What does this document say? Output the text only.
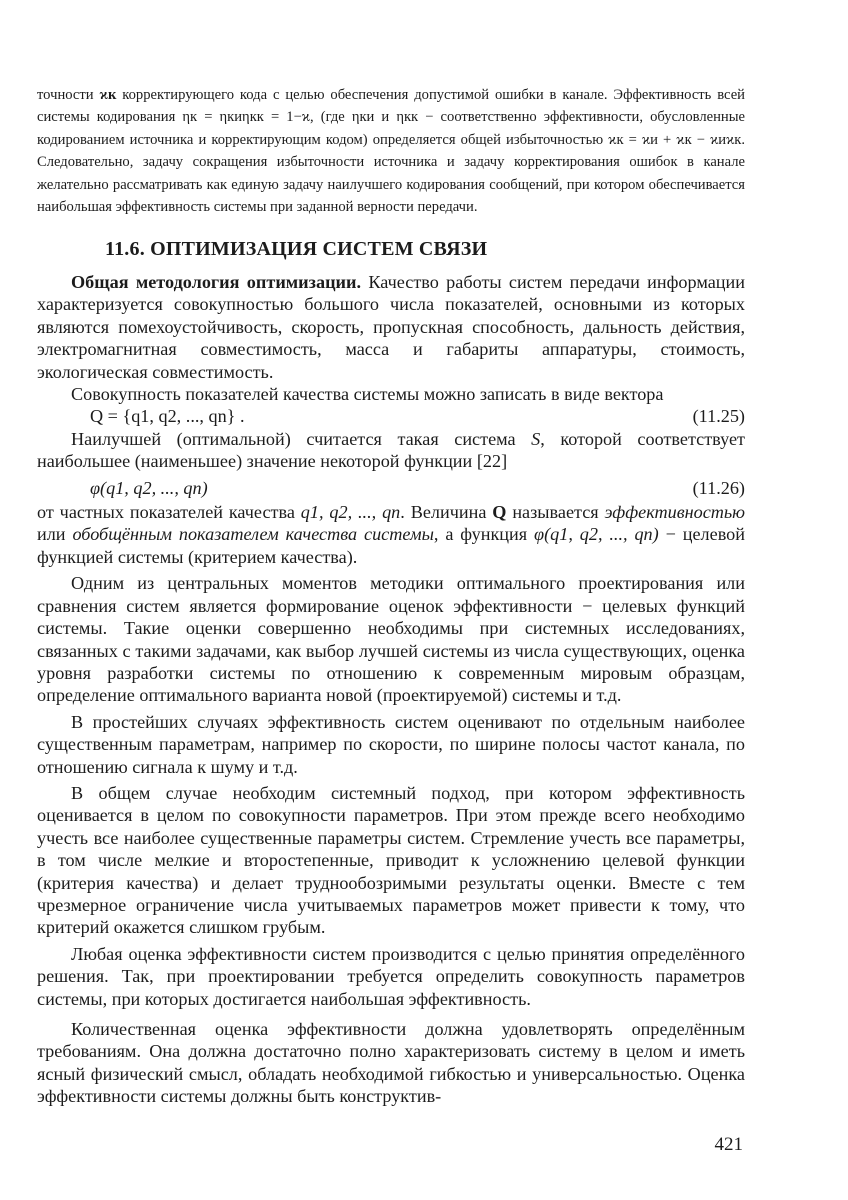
точности ϰк корректирующего кода с целью обеспечения допустимой ошибки в канале. Эффективность всей системы кодирования ηк = ηкиηкк = 1−ϰ, (где ηки и ηкк − соответственно эффективности, обусловленные кодированием источника и корректирующим кодом) определяется общей избыточностью ϰк = ϰи + ϰк − ϰиϰк. Следовательно, задачу сокращения избыточности источника и задачу корректирования ошибок в канале желательно рассматривать как единую задачу наилучшего кодирования сообщений, при котором обеспечивается наибольшая эффективность системы при заданной верности передачи.

11.6. ОПТИМИЗАЦИЯ СИСТЕМ СВЯЗИ

Общая методология оптимизации. Качество работы систем передачи информации характеризуется совокупностью большого числа показателей, основными из которых являются помехоустойчивость, скорость, пропускная способность, дальность действия, электромагнитная совместимость, масса и габариты аппаратуры, стоимость, экологическая совместимость.

Совокупность показателей качества системы можно записать в виде вектора

Q = {q1, q2, ..., qn} .	(11.25)

Наилучшей (оптимальной) считается такая система S, которой соответствует наибольшее (наименьшее) значение некоторой функции [22]

φ(q1, q2, ..., qn)	(11.26)

от частных показателей качества q1, q2, ..., qn. Величина Q называется эффективностью или обобщённым показателем качества системы, а функция φ(q1, q2, ..., qn) − целевой функцией системы (критерием качества).

Одним из центральных моментов методики оптимального проектирования или сравнения систем является формирование оценок эффективности − целевых функций системы. Такие оценки совершенно необходимы при системных исследованиях, связанных с такими задачами, как выбор лучшей системы из числа существующих, оценка уровня разработки системы по отношению к современным мировым образцам, определение оптимального варианта новой (проектируемой) системы и т.д.

В простейших случаях эффективность систем оценивают по отдельным наиболее существенным параметрам, например по скорости, по ширине полосы частот канала, по отношению сигнала к шуму и т.д.

В общем случае необходим системный подход, при котором эффективность оценивается в целом по совокупности параметров. При этом прежде всего необходимо учесть все наиболее существенные параметры систем. Стремление учесть все параметры, в том числе мелкие и второстепенные, приводит к усложнению целевой функции (критерия качества) и делает труднообозримыми результаты оценки. Вместе с тем чрезмерное ограничение числа учитываемых параметров может привести к тому, что критерий окажется слишком грубым.

Любая оценка эффективности систем производится с целью принятия определённого решения. Так, при проектировании требуется определить совокупность параметров системы, при которых достигается наибольшая эффективность.

Количественная оценка эффективности должна удовлетворять определённым требованиям. Она должна достаточно полно характеризовать систему в целом и иметь ясный физический смысл, обладать необходимой гибкостью и универсальностью. Оценка эффективности системы должны быть конструктив-

421
